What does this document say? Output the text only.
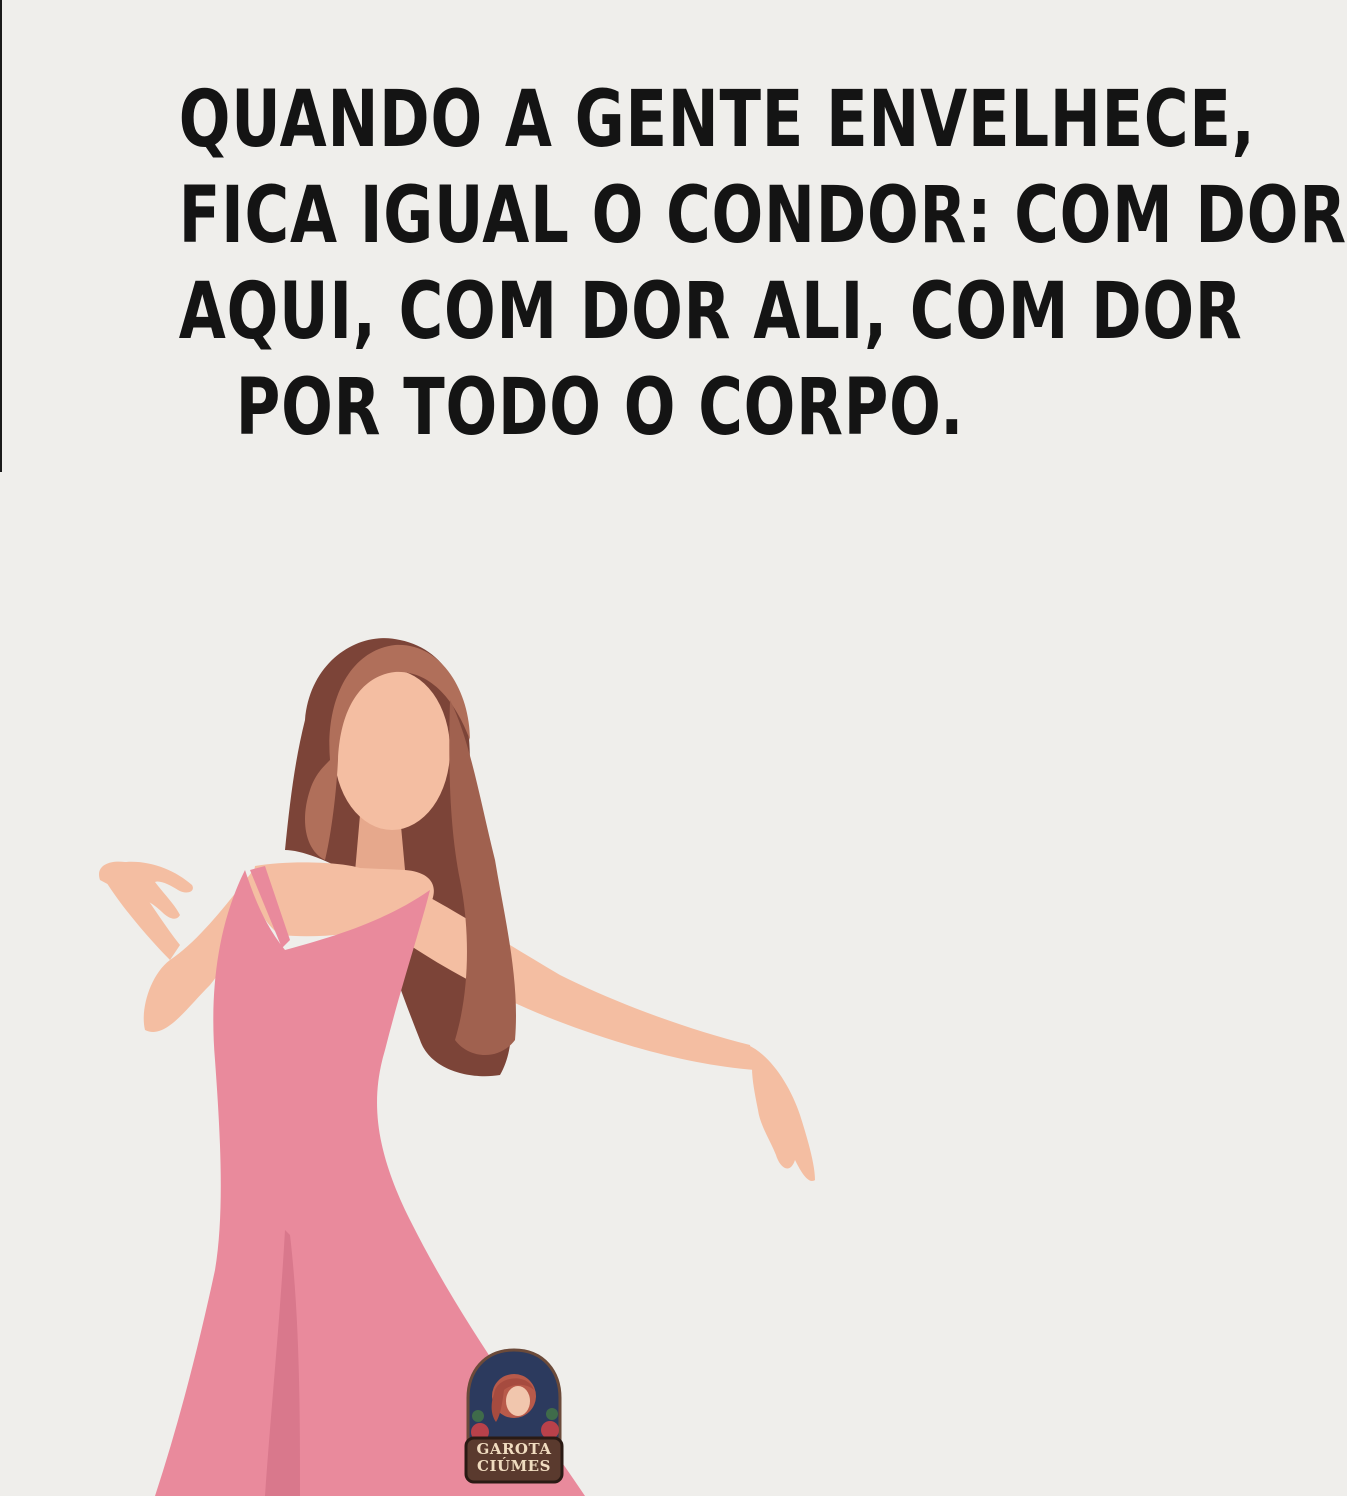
QUANDO A GENTE ENVELHECE,
FICA IGUAL O CONDOR: COM DOR
AQUI, COM DOR ALI, COM DOR
POR TODO O CORPO.
GAROTA
CIÚMES
